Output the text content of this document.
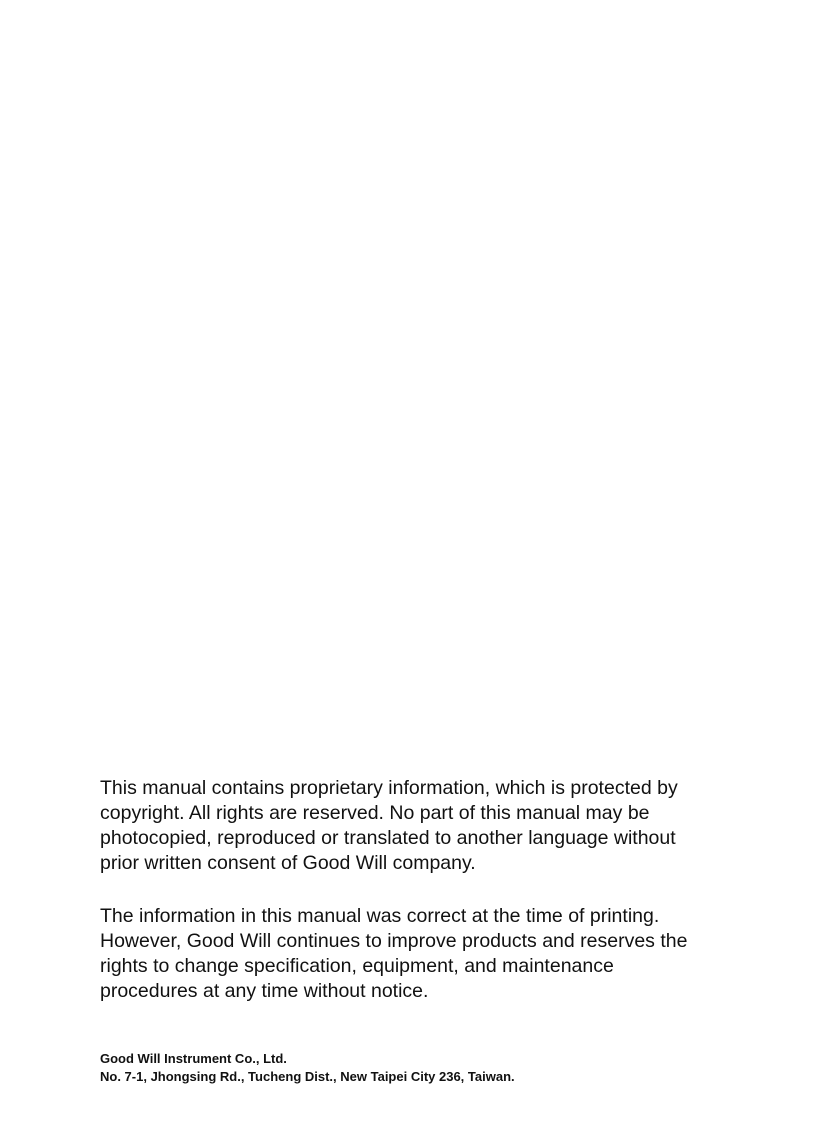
This manual contains proprietary information, which is protected by
copyright. All rights are reserved. No part of this manual may be
photocopied, reproduced or translated to another language without
prior written consent of Good Will company.

The information in this manual was correct at the time of printing.
However, Good Will continues to improve products and reserves the
rights to change specification, equipment, and maintenance
procedures at any time without notice.

Good Will Instrument Co., Ltd.
No. 7-1, Jhongsing Rd., Tucheng Dist., New Taipei City 236, Taiwan.
